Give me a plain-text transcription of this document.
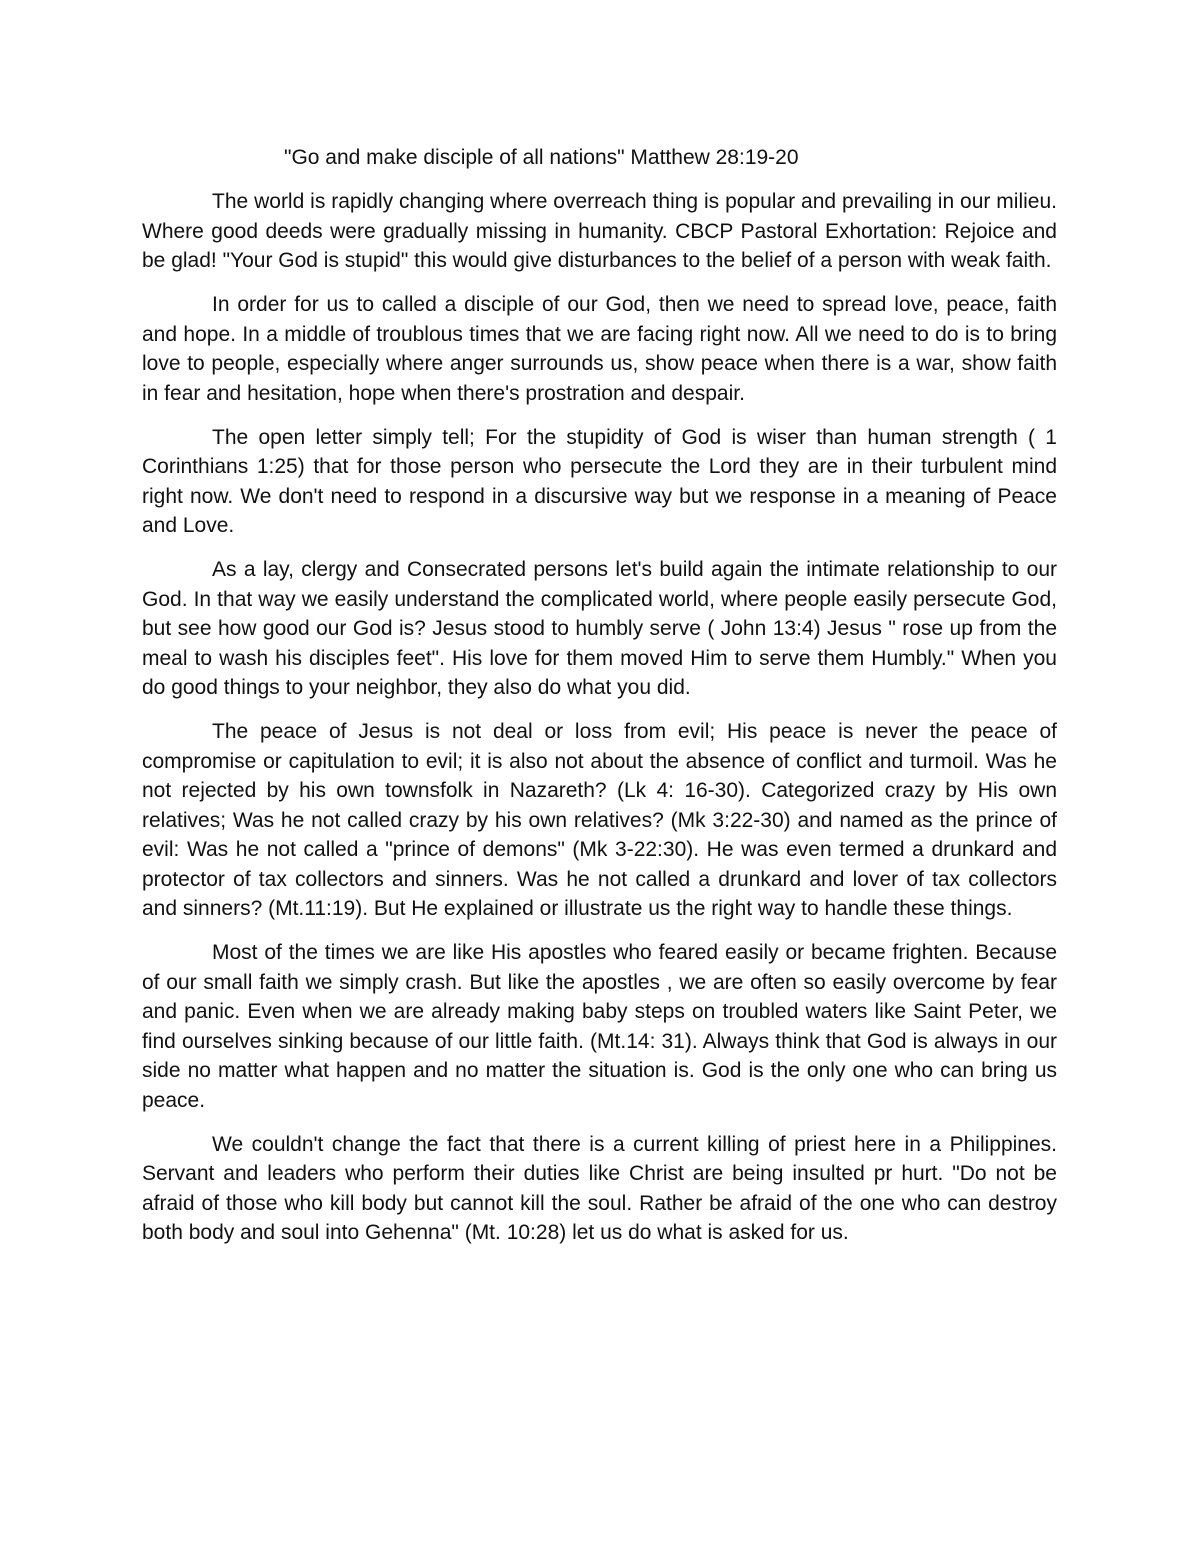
"Go and make disciple of all nations" Matthew 28:19-20

The world is rapidly changing where overreach thing is popular and prevailing in our milieu. Where good deeds were gradually missing in humanity. CBCP Pastoral Exhortation: Rejoice and be glad! "Your God is stupid" this would give disturbances to the belief of a person with weak faith.

In order for us to called a disciple of our God, then we need to spread love, peace, faith and hope. In a middle of troublous times that we are facing right now. All we need to do is to bring love to people, especially where anger surrounds us, show peace when there is a war, show faith in fear and hesitation, hope when there's prostration and despair.

The open letter simply tell; For the stupidity of God is wiser than human strength ( 1 Corinthians 1:25) that for those person who persecute the Lord they are in their turbulent mind right now. We don't need to respond in a discursive way but we response in a meaning of Peace and Love.

As a lay, clergy and Consecrated persons let's build again the intimate relationship to our God. In that way we easily understand the complicated world, where people easily persecute God, but see how good our God is? Jesus stood to humbly serve ( John 13:4) Jesus " rose up from the meal to wash his disciples feet". His love for them moved Him to serve them Humbly." When you do good things to your neighbor, they also do what you did.

The peace of Jesus is not deal or loss from evil; His peace is never the peace of compromise or capitulation to evil; it is also not about the absence of conflict and turmoil. Was he not rejected by his own townsfolk in Nazareth? (Lk 4: 16-30). Categorized crazy by His own relatives; Was he not called crazy by his own relatives? (Mk 3:22-30) and named as the prince of evil: Was he not called a "prince of demons" (Mk 3-22:30). He was even termed a drunkard and protector of tax collectors and sinners. Was he not called a drunkard and lover of tax collectors and sinners? (Mt.11:19). But He explained or illustrate us the right way to handle these things.

Most of the times we are like His apostles who feared easily or became frighten. Because of our small faith we simply crash. But like the apostles , we are often so easily overcome by fear and panic. Even when we are already making baby steps on troubled waters like Saint Peter, we find ourselves sinking because of our little faith. (Mt.14: 31). Always think that God is always in our side no matter what happen and no matter the situation is. God is the only one who can bring us peace.

We couldn't change the fact that there is a current killing of priest here in a Philippines. Servant and leaders who perform their duties like Christ are being insulted pr hurt. "Do not be afraid of those who kill body but cannot kill the soul. Rather be afraid of the one who can destroy both body and soul into Gehenna" (Mt. 10:28) let us do what is asked for us.
